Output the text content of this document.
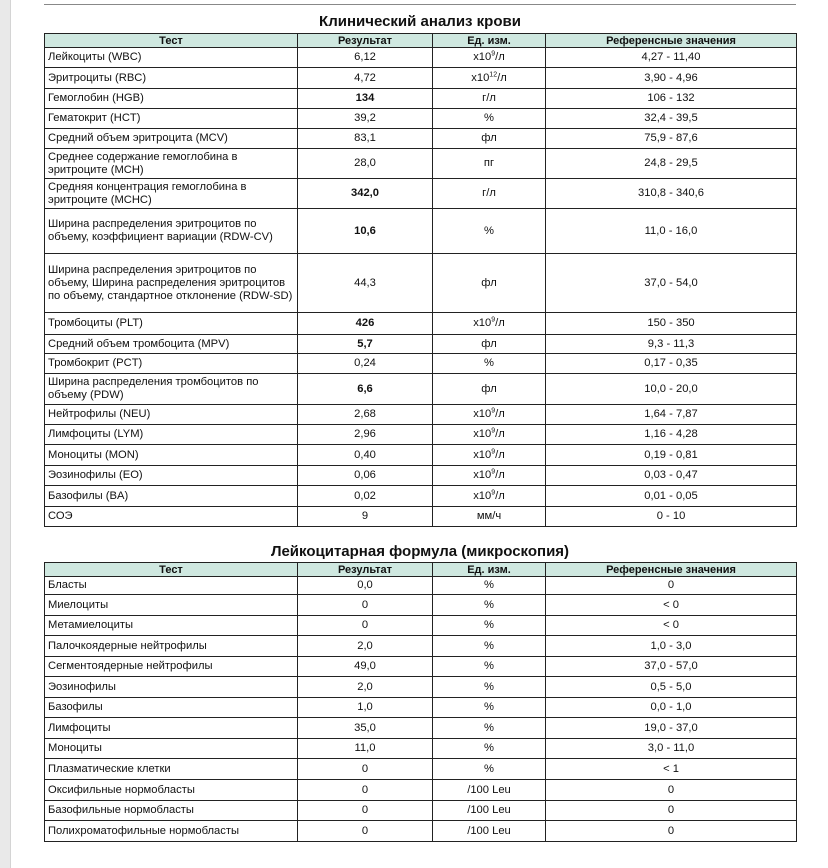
Клинический анализ крови
Тест	Результат	Ед. изм.	Референсные значения
Лейкоциты (WBC)	6,12	$x10^9/л$	4,27 - 11,40
Эритроциты (RBC)	4,72	$x10^{12}/л$	3,90 - 4,96
Гемоглобин (HGB)	134	г/л	106 - 132
Гематокрит (HCT)	39,2	%	32,4 - 39,5
Средний объем эритроцита (MCV)	83,1	фл	75,9 - 87,6
Среднее содержание гемоглобина в эритроците (MCH)	28,0	пг	24,8 - 29,5
Средняя концентрация гемоглобина в эритроците (MCHC)	342,0	г/л	310,8 - 340,6
Ширина распределения эритроцитов по объему, коэффициент вариации (RDW-CV)	10,6	%	11,0 - 16,0
Ширина распределения эритроцитов по объему, Ширина распределения эритроцитов по объему, стандартное отклонение (RDW-SD)	44,3	фл	37,0 - 54,0
Тромбоциты (PLT)	426	$x10^9/л$	150 - 350
Средний объем тромбоцита (MPV)	5,7	фл	9,3 - 11,3
Тромбокрит (PCT)	0,24	%	0,17 - 0,35
Ширина распределения тромбоцитов по объему (PDW)	6,6	фл	10,0 - 20,0
Нейтрофилы (NEU)	2,68	$x10^9/л$	1,64 - 7,87
Лимфоциты (LYM)	2,96	$x10^9/л$	1,16 - 4,28
Моноциты (MON)	0,40	$x10^9/л$	0,19 - 0,81
Эозинофилы (EO)	0,06	$x10^9/л$	0,03 - 0,47
Базофилы (BA)	0,02	$x10^9/л$	0,01 - 0,05
СОЭ	9	мм/ч	0 - 10
Лейкоцитарная формула (микроскопия)
Тест	Результат	Ед. изм.	Референсные значения
Бласты	0,0	%	0
Миелоциты	0	%	< 0
Метамиелоциты	0	%	< 0
Палочкоядерные нейтрофилы	2,0	%	1,0 - 3,0
Сегментоядерные нейтрофилы	49,0	%	37,0 - 57,0
Эозинофилы	2,0	%	0,5 - 5,0
Базофилы	1,0	%	0,0 - 1,0
Лимфоциты	35,0	%	19,0 - 37,0
Моноциты	11,0	%	3,0 - 11,0
Плазматические клетки	0	%	< 1
Оксифильные нормобласты	0	/100 Leu	0
Базофильные нормобласты	0	/100 Leu	0
Полихроматофильные нормобласты	0	/100 Leu	0
